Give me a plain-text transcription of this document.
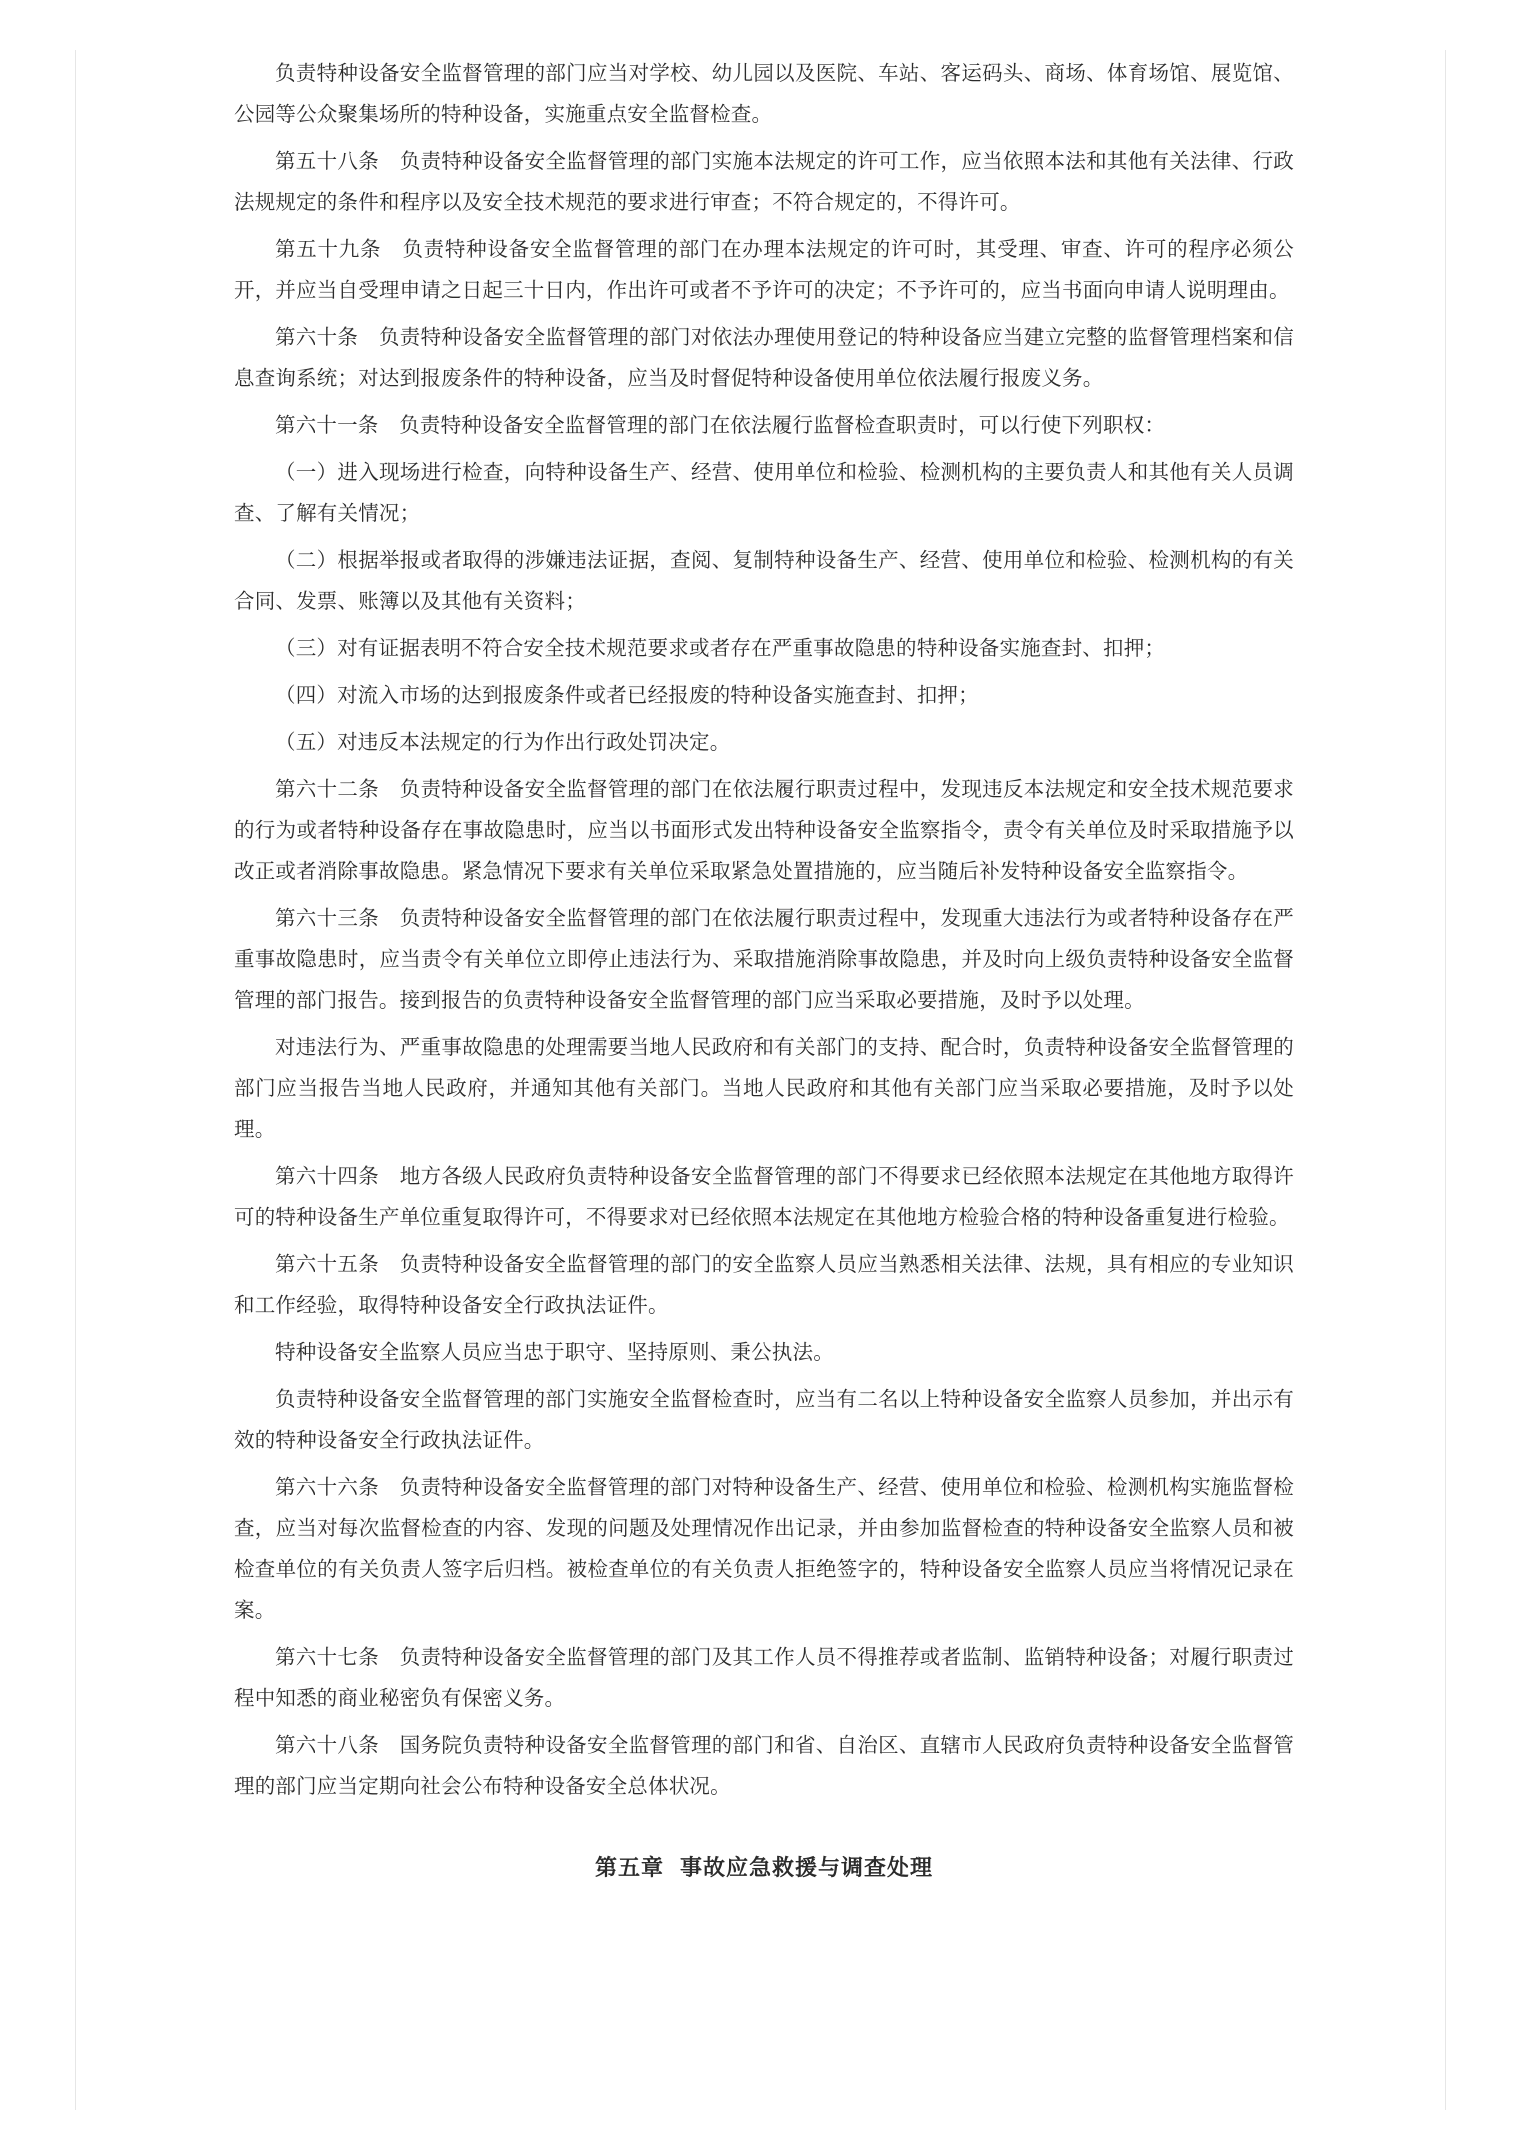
负责特种设备安全监督管理的部门应当对学校、幼儿园以及医院、车站、客运码头、商场、体育场馆、展览馆、公园等公众聚集场所的特种设备，实施重点安全监督检查。

第五十八条　负责特种设备安全监督管理的部门实施本法规定的许可工作，应当依照本法和其他有关法律、行政法规规定的条件和程序以及安全技术规范的要求进行审查；不符合规定的，不得许可。

第五十九条　负责特种设备安全监督管理的部门在办理本法规定的许可时，其受理、审查、许可的程序必须公开，并应当自受理申请之日起三十日内，作出许可或者不予许可的决定；不予许可的，应当书面向申请人说明理由。

第六十条　负责特种设备安全监督管理的部门对依法办理使用登记的特种设备应当建立完整的监督管理档案和信息查询系统；对达到报废条件的特种设备，应当及时督促特种设备使用单位依法履行报废义务。

第六十一条　负责特种设备安全监督管理的部门在依法履行监督检查职责时，可以行使下列职权：

（一）进入现场进行检查，向特种设备生产、经营、使用单位和检验、检测机构的主要负责人和其他有关人员调查、了解有关情况；

（二）根据举报或者取得的涉嫌违法证据，查阅、复制特种设备生产、经营、使用单位和检验、检测机构的有关合同、发票、账簿以及其他有关资料；

（三）对有证据表明不符合安全技术规范要求或者存在严重事故隐患的特种设备实施查封、扣押；

（四）对流入市场的达到报废条件或者已经报废的特种设备实施查封、扣押；

（五）对违反本法规定的行为作出行政处罚决定。

第六十二条　负责特种设备安全监督管理的部门在依法履行职责过程中，发现违反本法规定和安全技术规范要求的行为或者特种设备存在事故隐患时，应当以书面形式发出特种设备安全监察指令，责令有关单位及时采取措施予以改正或者消除事故隐患。紧急情况下要求有关单位采取紧急处置措施的，应当随后补发特种设备安全监察指令。

第六十三条　负责特种设备安全监督管理的部门在依法履行职责过程中，发现重大违法行为或者特种设备存在严重事故隐患时，应当责令有关单位立即停止违法行为、采取措施消除事故隐患，并及时向上级负责特种设备安全监督管理的部门报告。接到报告的负责特种设备安全监督管理的部门应当采取必要措施，及时予以处理。

对违法行为、严重事故隐患的处理需要当地人民政府和有关部门的支持、配合时，负责特种设备安全监督管理的部门应当报告当地人民政府，并通知其他有关部门。当地人民政府和其他有关部门应当采取必要措施，及时予以处理。

第六十四条　地方各级人民政府负责特种设备安全监督管理的部门不得要求已经依照本法规定在其他地方取得许可的特种设备生产单位重复取得许可，不得要求对已经依照本法规定在其他地方检验合格的特种设备重复进行检验。

第六十五条　负责特种设备安全监督管理的部门的安全监察人员应当熟悉相关法律、法规，具有相应的专业知识和工作经验，取得特种设备安全行政执法证件。

特种设备安全监察人员应当忠于职守、坚持原则、秉公执法。

负责特种设备安全监督管理的部门实施安全监督检查时，应当有二名以上特种设备安全监察人员参加，并出示有效的特种设备安全行政执法证件。

第六十六条　负责特种设备安全监督管理的部门对特种设备生产、经营、使用单位和检验、检测机构实施监督检查，应当对每次监督检查的内容、发现的问题及处理情况作出记录，并由参加监督检查的特种设备安全监察人员和被检查单位的有关负责人签字后归档。被检查单位的有关负责人拒绝签字的，特种设备安全监察人员应当将情况记录在案。

第六十七条　负责特种设备安全监督管理的部门及其工作人员不得推荐或者监制、监销特种设备；对履行职责过程中知悉的商业秘密负有保密义务。

第六十八条　国务院负责特种设备安全监督管理的部门和省、自治区、直辖市人民政府负责特种设备安全监督管理的部门应当定期向社会公布特种设备安全总体状况。

第五章 事故应急救援与调查处理
